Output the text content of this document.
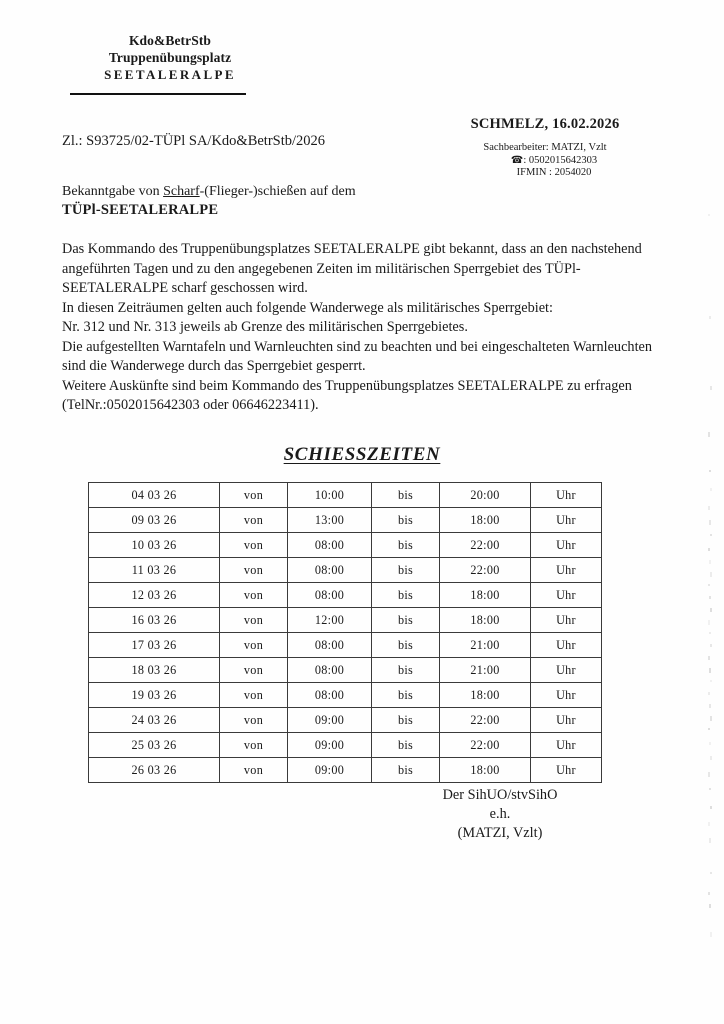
Kdo&BetrStb
Truppenübungsplatz
SEETALERALPE
Zl.: S93725/02-TÜPl SA/Kdo&BetrStb/2026
SCHMELZ, 16.02.2026
Sachbearbeiter: MATZI, Vzlt
☎: 0502015642303
IFMIN : 2054020
Bekanntgabe von Scharf-(Flieger-)schießen auf dem
TÜPl-SEETALERALPE

Das Kommando des Truppenübungsplatzes SEETALERALPE gibt bekannt, dass an den nachstehend angeführten Tagen und zu den angegebenen Zeiten im militärischen Sperrgebiet des TÜPl-SEETALERALPE scharf geschossen wird.

In diesen Zeiträumen gelten auch folgende Wanderwege als militärisches Sperrgebiet:

Nr. 312 und Nr. 313 jeweils ab Grenze des militärischen Sperrgebietes.

Die aufgestellten Warntafeln und Warnleuchten sind zu beachten und bei eingeschalteten Warnleuchten sind die Wanderwege durch das Sperrgebiet gesperrt.

Weitere Auskünfte sind beim Kommando des Truppenübungsplatzes SEETALERALPE zu erfragen (TelNr.:0502015642303 oder 06646223411).

SCHIESSZEITEN
04 03 26	von	10:00	bis	20:00	Uhr
09 03 26	von	13:00	bis	18:00	Uhr
10 03 26	von	08:00	bis	22:00	Uhr
11 03 26	von	08:00	bis	22:00	Uhr
12 03 26	von	08:00	bis	18:00	Uhr
16 03 26	von	12:00	bis	18:00	Uhr
17 03 26	von	08:00	bis	21:00	Uhr
18 03 26	von	08:00	bis	21:00	Uhr
19 03 26	von	08:00	bis	18:00	Uhr
24 03 26	von	09:00	bis	22:00	Uhr
25 03 26	von	09:00	bis	22:00	Uhr
26 03 26	von	09:00	bis	18:00	Uhr
Der SihUO/stvSihO
e.h.
(MATZI, Vzlt)
